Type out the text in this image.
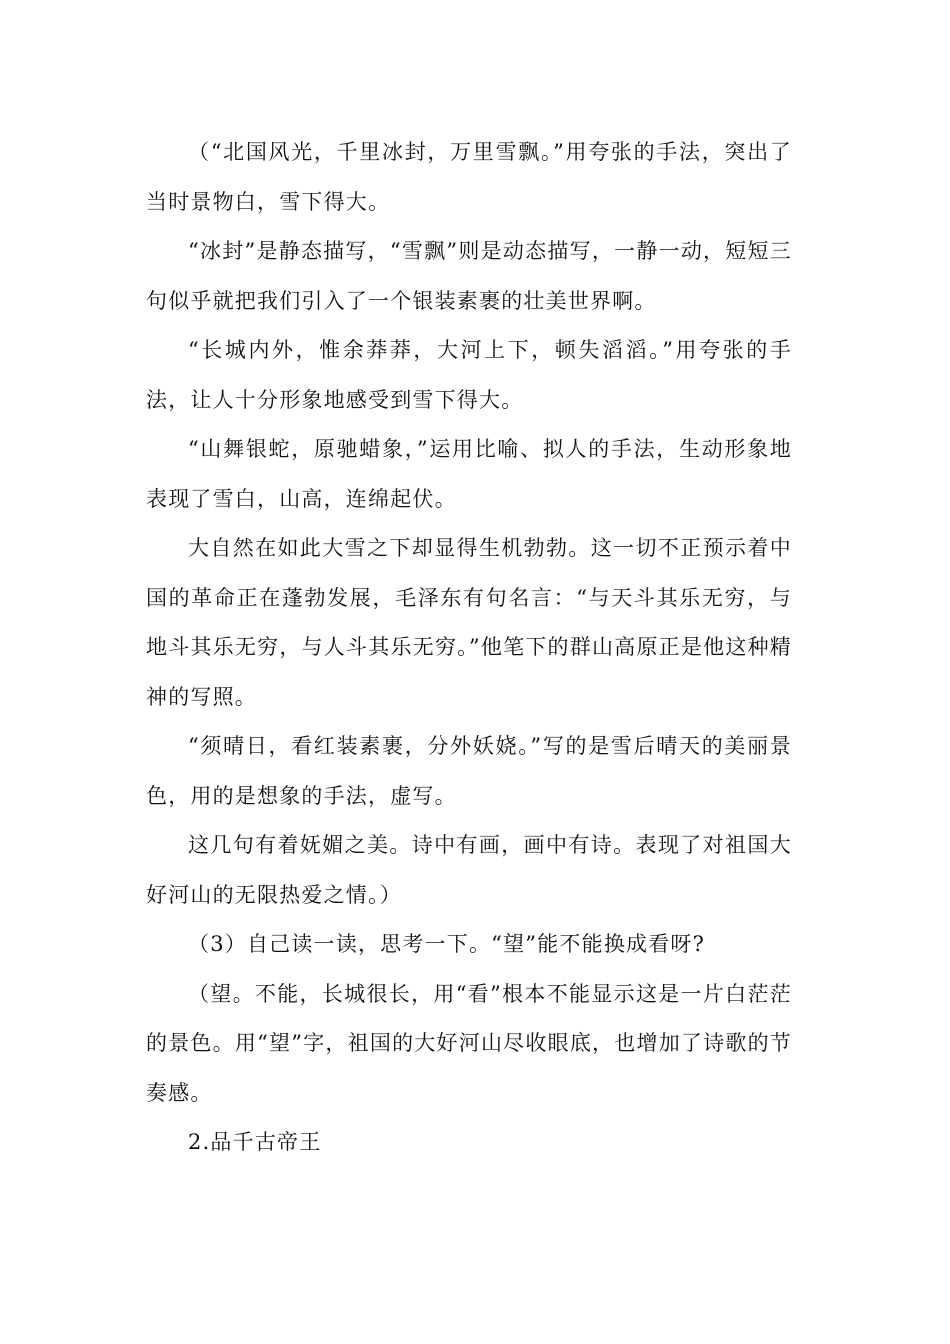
（“北国风光，千里冰封，万里雪飘。”用夸张的手法，突出了当时景物白，雪下得大。

“冰封”是静态描写，“雪飘”则是动态描写，一静一动，短短三句似乎就把我们引入了一个银装素裹的壮美世界啊。

“长城内外，惟余莽莽，大河上下，顿失滔滔。”用夸张的手法，让人十分形象地感受到雪下得大。

“山舞银蛇，原驰蜡象，”运用比喻、拟人的手法，生动形象地表现了雪白，山高，连绵起伏。

大自然在如此大雪之下却显得生机勃勃。这一切不正预示着中国的革命正在蓬勃发展，毛泽东有句名言：“与天斗其乐无穷，与地斗其乐无穷，与人斗其乐无穷。”他笔下的群山高原正是他这种精神的写照。

“须晴日，看红装素裹，分外妖娆。”写的是雪后晴天的美丽景色，用的是想象的手法，虚写。

这几句有着妩媚之美。诗中有画，画中有诗。表现了对祖国大好河山的无限热爱之情。）

（3）自己读一读，思考一下。“望”能不能换成看呀?

（望。不能，长城很长，用“看”根本不能显示这是一片白茫茫的景色。用“望”字，祖国的大好河山尽收眼底，也增加了诗歌的节奏感。

2.品千古帝王
